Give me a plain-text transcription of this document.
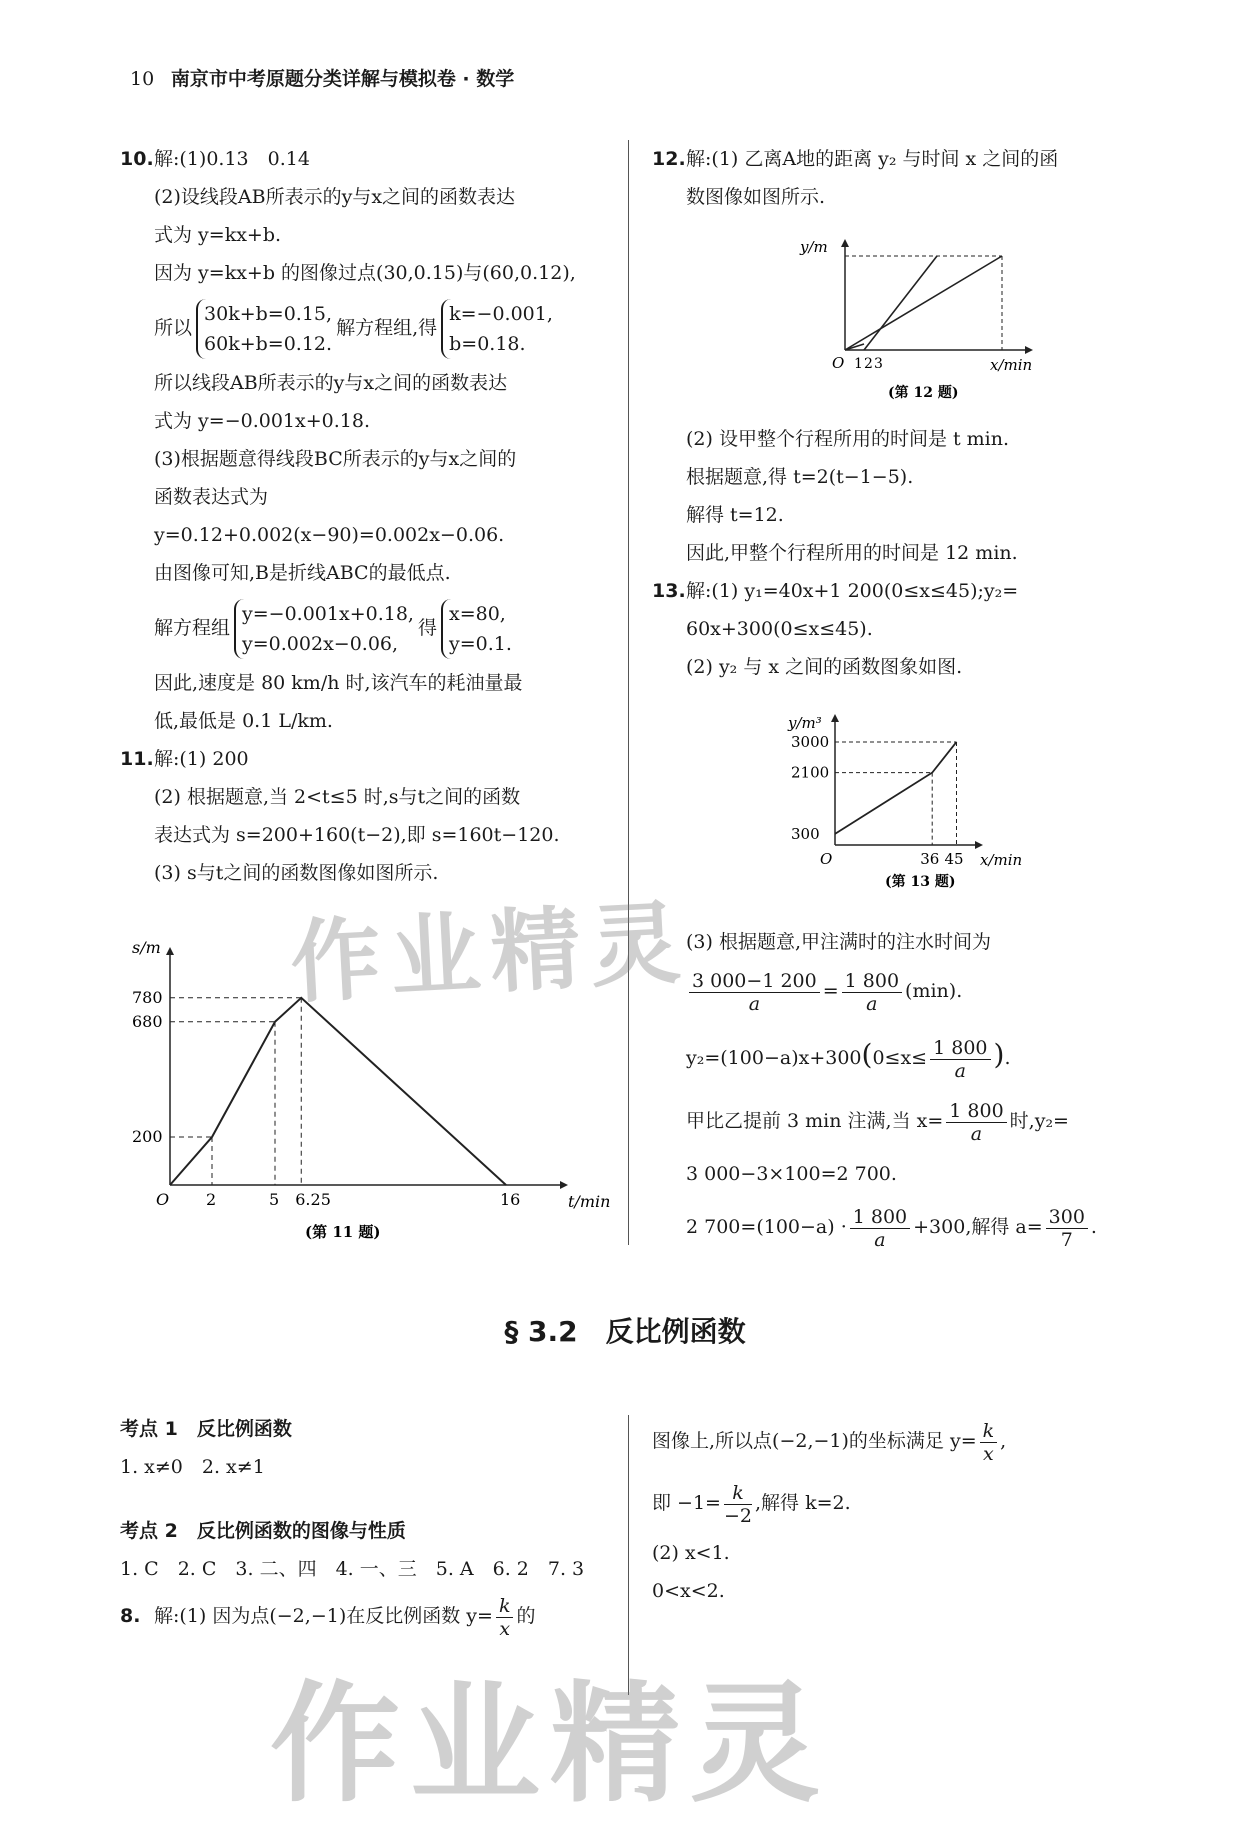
10 南京市中考原题分类详解与模拟卷 · 数学
10.解:(1)0.13　0.14
(2)设线段AB所表示的y与x之间的函数表达
式为 y=kx+b.
因为 y=kx+b 的图像过点(30,0.15)与(60,0.12),
所以
30k+b=0.15,
60k+b=0.12.
解方程组,得
k=−0.001,
b=0.18.
所以线段AB所表示的y与x之间的函数表达
式为 y=−0.001x+0.18.
(3)根据题意得线段BC所表示的y与x之间的
函数表达式为
y=0.12+0.002(x−90)=0.002x−0.06.
由图像可知,B是折线ABC的最低点.
解方程组
y=−0.001x+0.18,
y=0.002x−0.06,
得
x=80,
y=0.1.
因此,速度是 80 km/h 时,该汽车的耗油量最
低,最低是 0.1 L/km.
11.解:(1) 200
(2) 根据题意,当 2<t≤5 时,s与t之间的函数
表达式为 s=200+160(t−2),即 s=160t−120.
(3) s与t之间的函数图像如图所示.
s/m
t/min
O 2	5 6.25	16
200
680
780
(第 11 题)
12.解:(1) 乙离A地的距离 y₂ 与时间 x 之间的函
数图像如图所示.
y/m
x/min
O 1 2 3
(第 12 题)
(2) 设甲整个行程所用的时间是 t min.
根据题意,得 t=2(t−1−5).
解得 t=12.
因此,甲整个行程所用的时间是 12 min.
13.解:(1) y₁=40x+1 200(0≤x≤45);y₂=
60x+300(0≤x≤45).
(2) y₂ 与 x 之间的函数图象如图.
y/m³
x/min
O	36 45
300
2100
3000
(第 13 题)
(3) 根据题意,甲注满时的注水时间为
$\frac{3 000-1 200}{a} = \frac{1 800}{a} (\min)$.
$y_2=(100-a)x+300(0\le x\le \frac{1 800}{a}$ ).
甲比乙提前 3 min 注满,当 $x= \frac{1 800}{a}$ 时,y₂=
3 000−3×100=2 700.
2 $700=(100-a) \cdot \frac{1 800}{a} +300$,解得 $a= \frac{300}{7}$ .
§ 3.2　反比例函数
考点 1　反比例函数
1. x≠0　2. x≠1
考点 2　反比例函数的图像与性质
1. C　2. C　3. 二、四　4. 一、三　5. A　6. 2　7. 3
8. 解:(1) 因为点(−2,−1)在反比例函数 $y= \frac{k}{x}$ 的
图像上,所以点(−2,−1)的坐标满足 $y= \frac{k}{x}$ ,
即 $-1= \frac{k}{-2}$ ,解得 k=2.
(2) x<1.
0<x<2.
作业精灵
作业精灵
